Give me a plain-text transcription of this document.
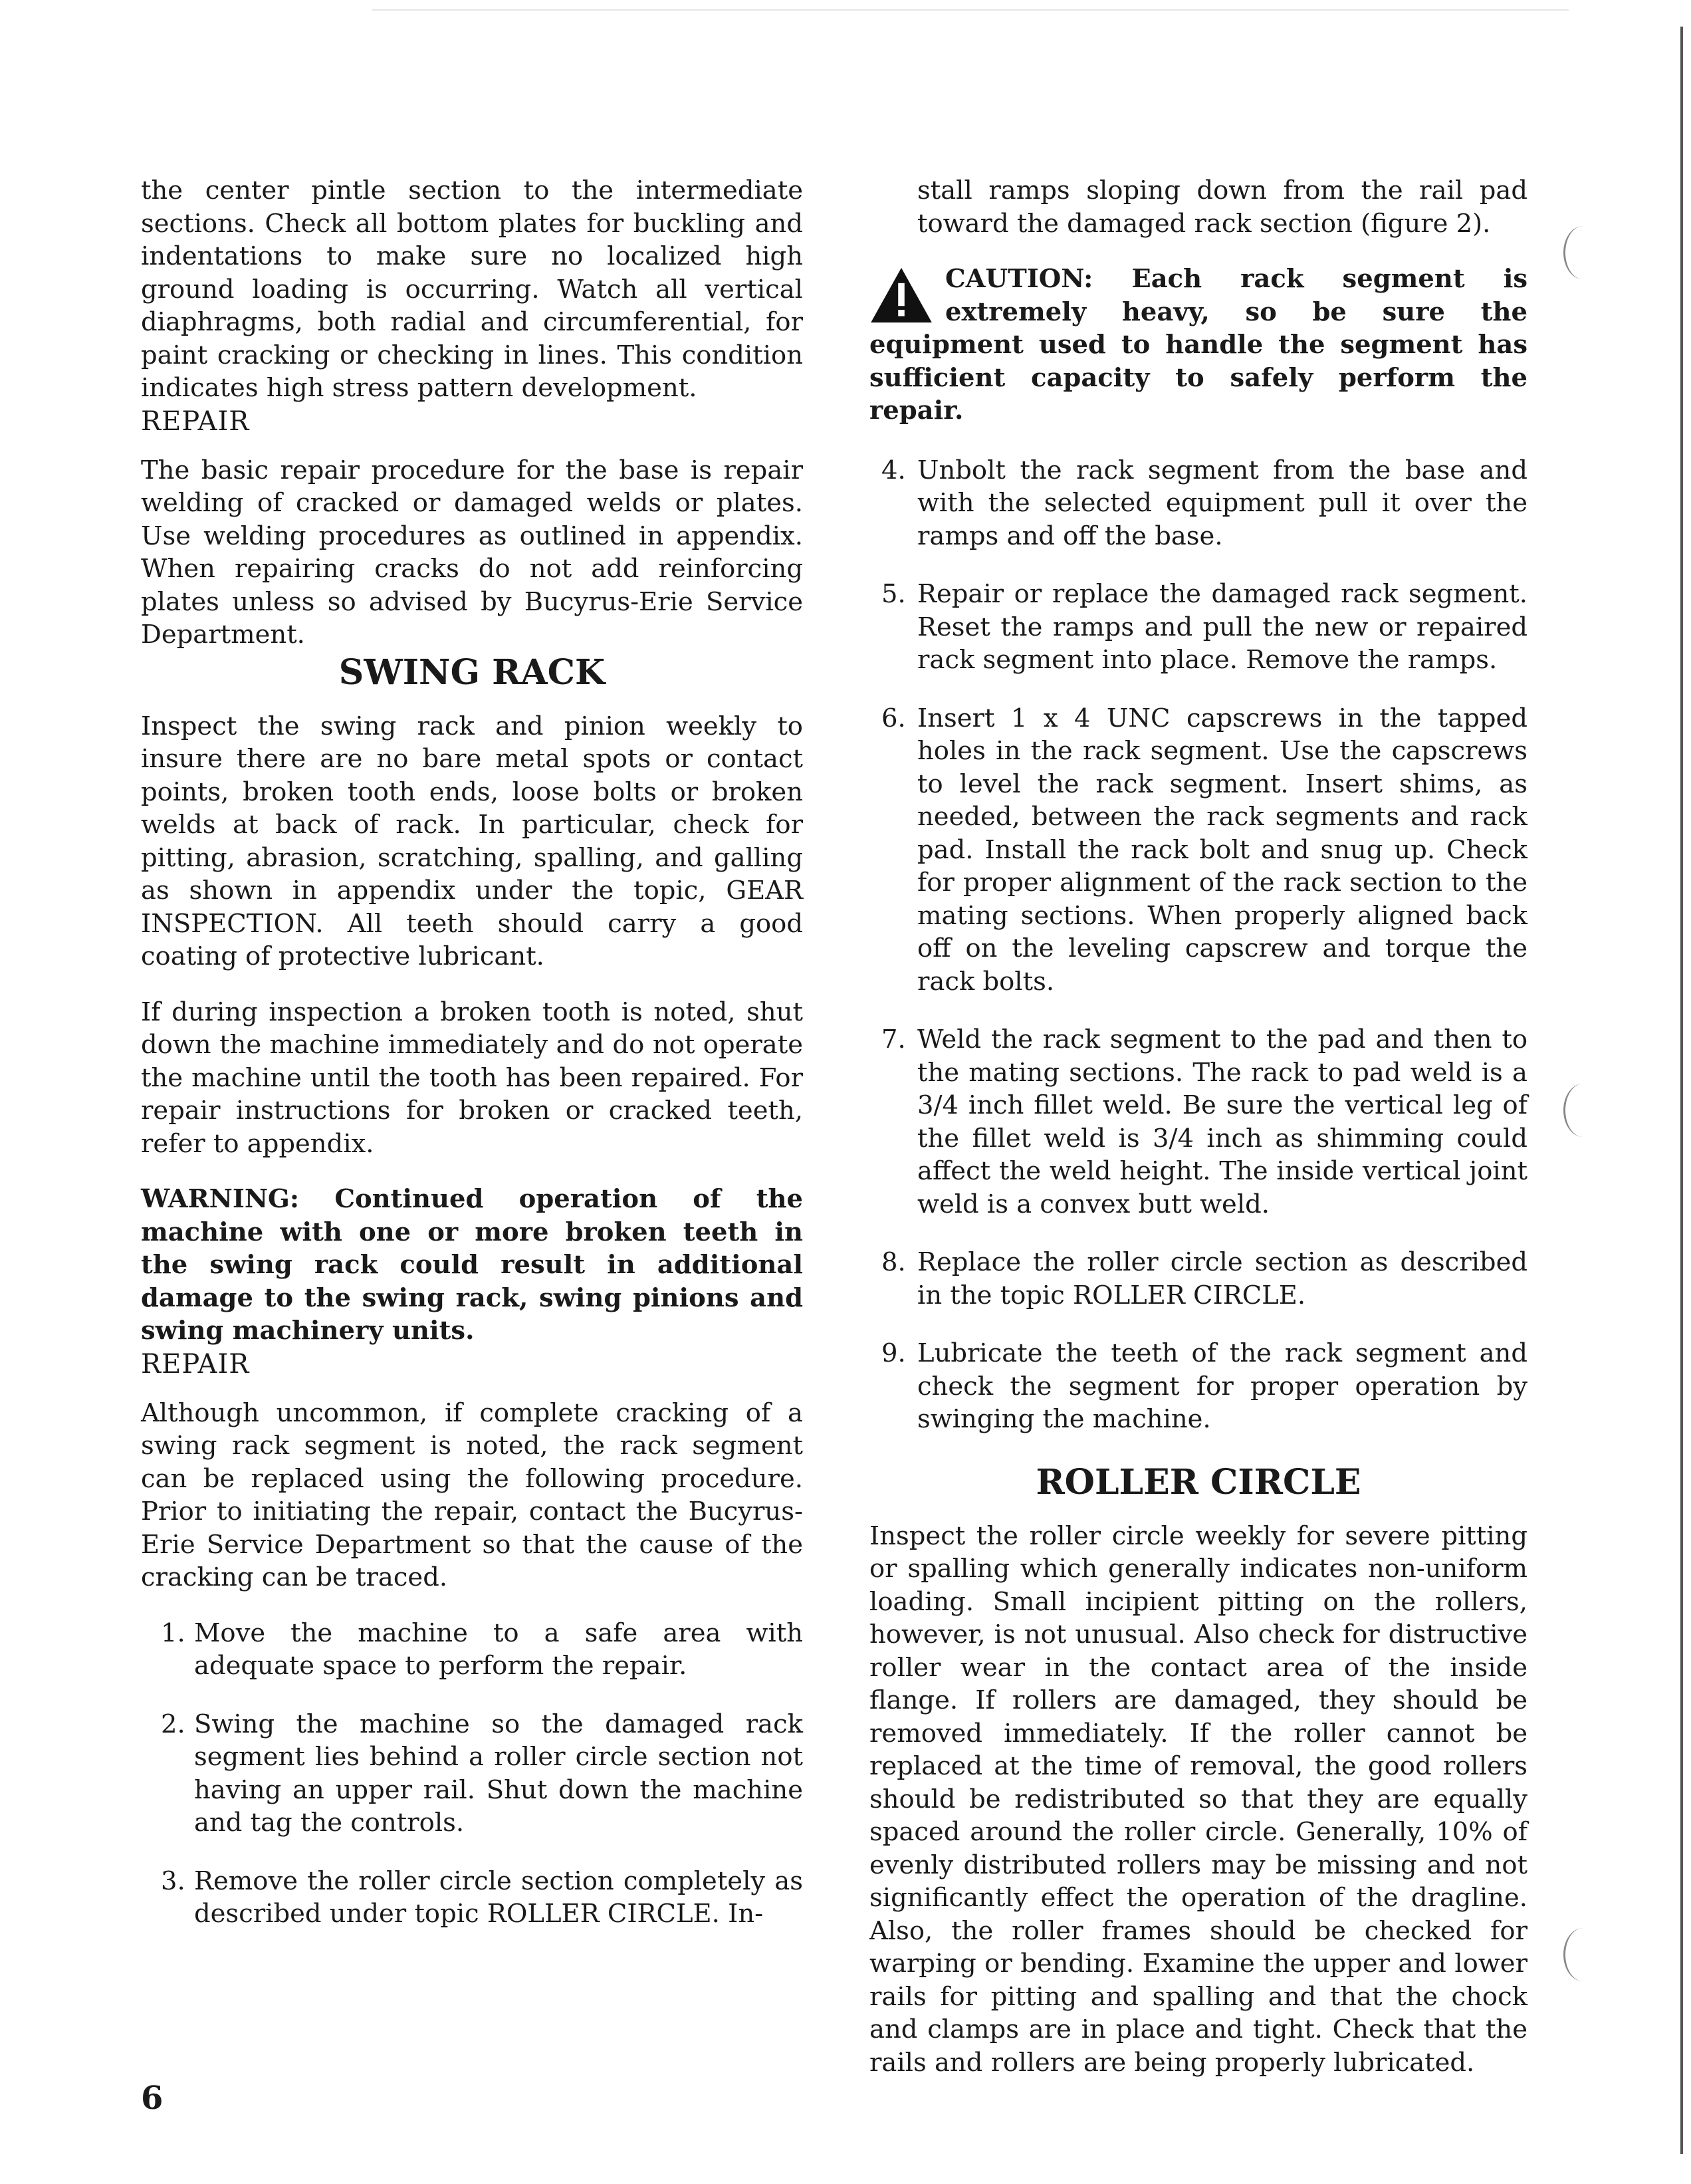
the center pintle section to the intermediate sections. Check all bottom plates for buckling and indentations to make sure no localized high ground loading is occurring. Watch all vertical diaphragms, both radial and circumferential, for paint cracking or checking in lines. This condition indicates high stress pattern development.

REPAIR

The basic repair procedure for the base is repair welding of cracked or damaged welds or plates. Use welding procedures as outlined in appendix. When repairing cracks do not add reinforcing plates unless so advised by Bucyrus-Erie Service Department.

SWING RACK

Inspect the swing rack and pinion weekly to insure there are no bare metal spots or contact points, broken tooth ends, loose bolts or broken welds at back of rack. In particular, check for pitting, abrasion, scratching, spalling, and galling as shown in appendix under the topic, GEAR INSPECTION. All teeth should carry a good coating of protective lubricant.

If during inspection a broken tooth is noted, shut down the machine immediately and do not operate the machine until the tooth has been repaired. For repair instructions for broken or cracked teeth, refer to appendix.

WARNING: Continued operation of the machine with one or more broken teeth in the swing rack could result in additional damage to the swing rack, swing pinions and swing machinery units.

REPAIR

Although uncommon, if complete cracking of a swing rack segment is noted, the rack segment can be replaced using the following procedure. Prior to initiating the repair, contact the Bucyrus-Erie Service Department so that the cause of the cracking can be traced.

1. Move the machine to a safe area with adequate space to perform the repair.
2. Swing the machine so the damaged rack segment lies behind a roller circle section not having an upper rail. Shut down the machine and tag the controls.
3. Remove the roller circle section completely as described under topic ROLLER CIRCLE. In-

stall ramps sloping down from the rail pad toward the damaged rack section (figure 2).

CAUTION: Each rack segment is extremely heavy, so be sure the equipment used to handle the segment has sufficient capacity to safely perform the repair.

4. Unbolt the rack segment from the base and with the selected equipment pull it over the ramps and off the base.
5. Repair or replace the damaged rack segment. Reset the ramps and pull the new or repaired rack segment into place. Remove the ramps.
6. Insert 1 x 4 UNC capscrews in the tapped holes in the rack segment. Use the capscrews to level the rack segment. Insert shims, as needed, between the rack segments and rack pad. Install the rack bolt and snug up. Check for proper alignment of the rack section to the mating sections. When properly aligned back off on the leveling capscrew and torque the rack bolts.
7. Weld the rack segment to the pad and then to the mating sections. The rack to pad weld is a 3/4 inch fillet weld. Be sure the vertical leg of the fillet weld is 3/4 inch as shimming could affect the weld height. The inside vertical joint weld is a convex butt weld.
8. Replace the roller circle section as described in the topic ROLLER CIRCLE.
9. Lubricate the teeth of the rack segment and check the segment for proper operation by swinging the machine.
ROLLER CIRCLE

Inspect the roller circle weekly for severe pitting or spalling which generally indicates non-uniform loading. Small incipient pitting on the rollers, however, is not unusual. Also check for distructive roller wear in the contact area of the inside flange. If rollers are damaged, they should be removed immediately. If the roller cannot be replaced at the time of removal, the good rollers should be redistributed so that they are equally spaced around the roller circle. Generally, 10% of evenly distributed rollers may be missing and not significantly effect the operation of the dragline. Also, the roller frames should be checked for warping or bending. Examine the upper and lower rails for pitting and spalling and that the chock and clamps are in place and tight. Check that the rails and rollers are being properly lubricated.

6
